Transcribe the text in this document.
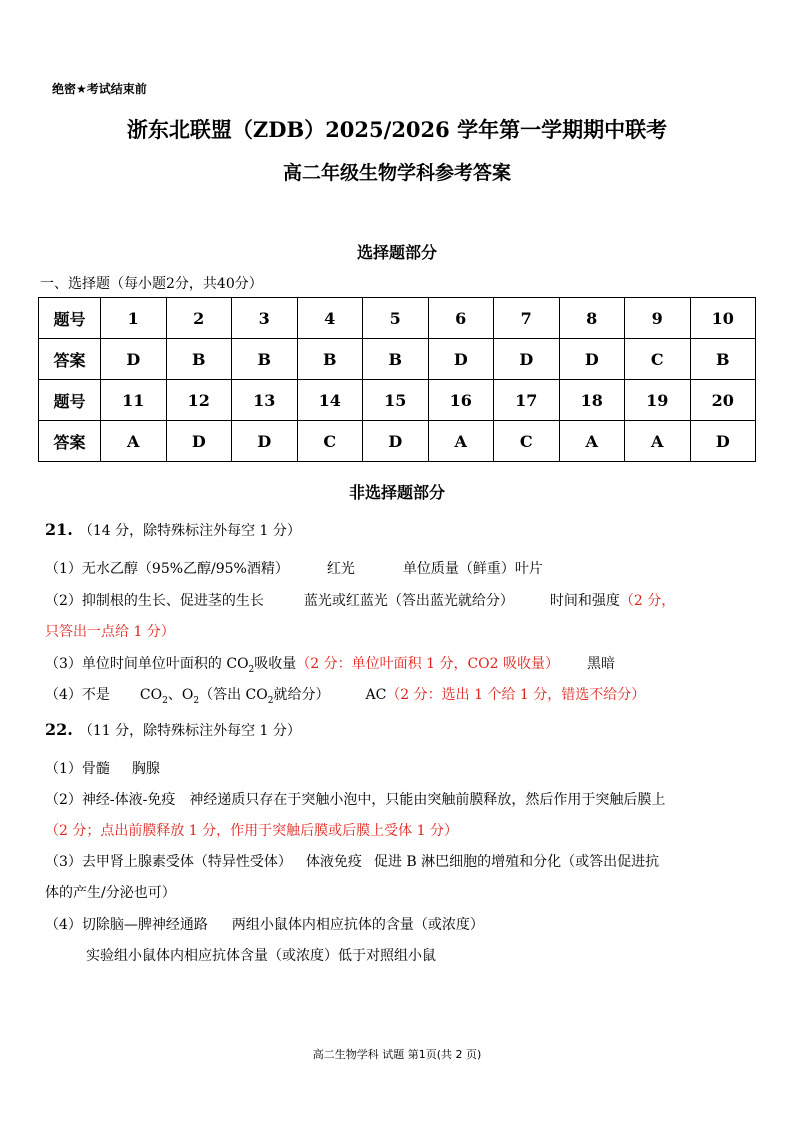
绝密★考试结束前
浙东北联盟（ZDB）2025/2026 学年第一学期期中联考
高二年级生物学科参考答案
选择题部分
一、选择题（每小题2分，共40分）
题号	1	2	3	4	5	6	7	8	9	10
答案	D	B	B	B	B	D	D	D	C	B
题号	11	12	13	14	15	16	17	18	19	20
答案	A	D	D	C	D	A	C	A	A	D
非选择题部分
21. （14 分，除特殊标注外每空 1 分）
（1）无水乙醇（95%乙醇/95%酒精）	红光	单位质量（鲜重）叶片
（2）抑制根的生长、促进茎的生长	蓝光或红蓝光（答出蓝光就给分）	时间和强度（2 分，
只答出一点给 1 分）
（3）单位时间单位叶面积的 $CO_2$吸收量（2 分：单位叶面积 1 分，CO2 吸收量） 黑暗
（4）不是 $CO_2$、$O_2$（答出 $CO_2$就给分）	AC（2 分：选出 1 个给 1 分，错选不给分）
22. （11 分，除特殊标注外每空 1 分）
（1）骨髓 胸腺
（2）神经-体液-免疫 神经递质只存在于突触小泡中，只能由突触前膜释放，然后作用于突触后膜上
（2 分；点出前膜释放 1 分，作用于突触后膜或后膜上受体 1 分）
（3）去甲肾上腺素受体（特异性受体） 体液免疫 促进 B 淋巴细胞的增殖和分化（或答出促进抗
体的产生/分泌也可）
（4）切除脑—脾神经通路 两组小鼠体内相应抗体的含量（或浓度）
实验组小鼠体内相应抗体含量（或浓度）低于对照组小鼠
高二生物学科 试题 第1页(共 2 页)
